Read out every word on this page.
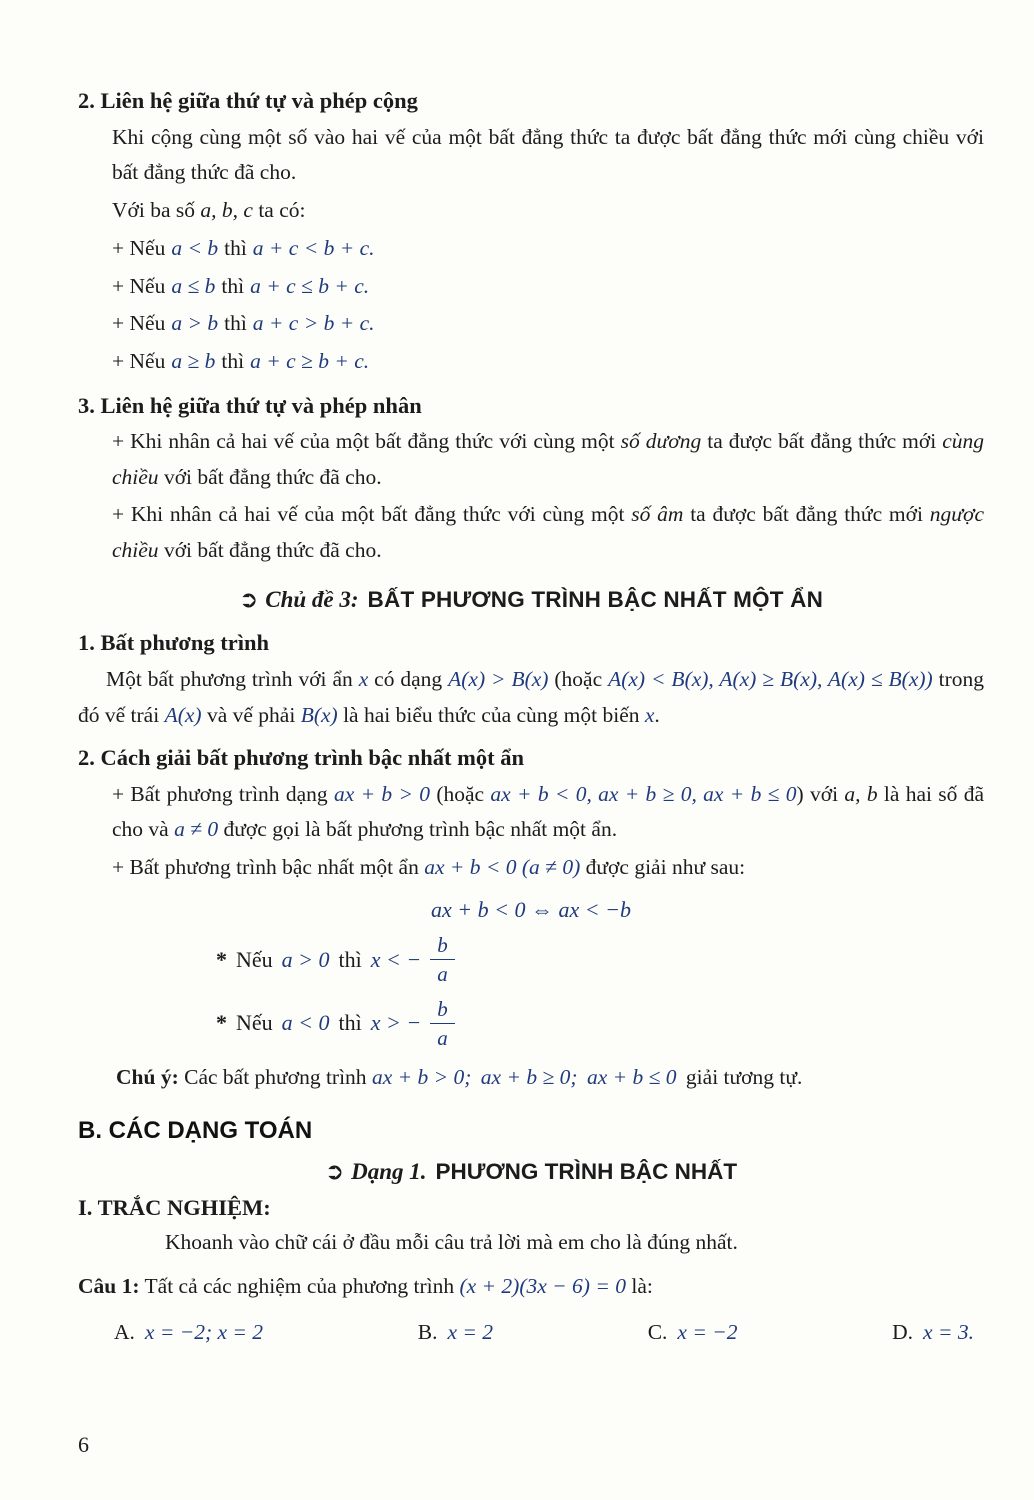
2. Liên hệ giữa thứ tự và phép cộng

Khi cộng cùng một số vào hai vế của một bất đẳng thức ta được bất đẳng thức mới cùng chiều với bất đẳng thức đã cho.

Với ba số a, b, c ta có:

+ Nếu a < b thì a + c < b + c.
+ Nếu a ≤ b thì a + c ≤ b + c.
+ Nếu a > b thì a + c > b + c.
+ Nếu a ≥ b thì a + c ≥ b + c.
3. Liên hệ giữa thứ tự và phép nhân

+ Khi nhân cả hai vế của một bất đẳng thức với cùng một số dương ta được bất đẳng thức mới cùng chiều với bất đẳng thức đã cho.

+ Khi nhân cả hai vế của một bất đẳng thức với cùng một số âm ta được bất đẳng thức mới ngược chiều với bất đẳng thức đã cho.

➲ Chủ đề 3: BẤT PHƯƠNG TRÌNH BẬC NHẤT MỘT ẨN
1. Bất phương trình

Một bất phương trình với ẩn x có dạng A(x) > B(x) (hoặc A(x) < B(x), A(x) ≥ B(x), A(x) ≤ B(x)) trong đó vế trái A(x) và vế phải B(x) là hai biểu thức của cùng một biến x.

2. Cách giải bất phương trình bậc nhất một ẩn

+ Bất phương trình dạng ax + b > 0 (hoặc ax + b < 0, ax + b ≥ 0, ax + b ≤ 0) với a, b là hai số đã cho và a ≠ 0 được gọi là bất phương trình bậc nhất một ẩn.

+ Bất phương trình bậc nhất một ẩn ax + b < 0 (a ≠ 0) được giải như sau:

ax + b < 0 ⇔ ax < −b
* Nếu a > 0 thì x < − $\frac{b}{a}$
* Nếu a < 0 thì x > − $\frac{b}{a}$

Chú ý: Các bất phương trình ax + b > 0; ax + b ≥ 0; ax + b ≤ 0 giải tương tự.

B. CÁC DẠNG TOÁN
➲ Dạng 1. PHƯƠNG TRÌNH BẬC NHẤT
I. TRẮC NGHIỆM:

Khoanh vào chữ cái ở đầu mỗi câu trả lời mà em cho là đúng nhất.

Câu 1: Tất cả các nghiệm của phương trình (x + 2)(3x − 6) = 0 là:

A. x = −2; x = 2	B. x = 2	C. x = −2	D. x = 3.
6
